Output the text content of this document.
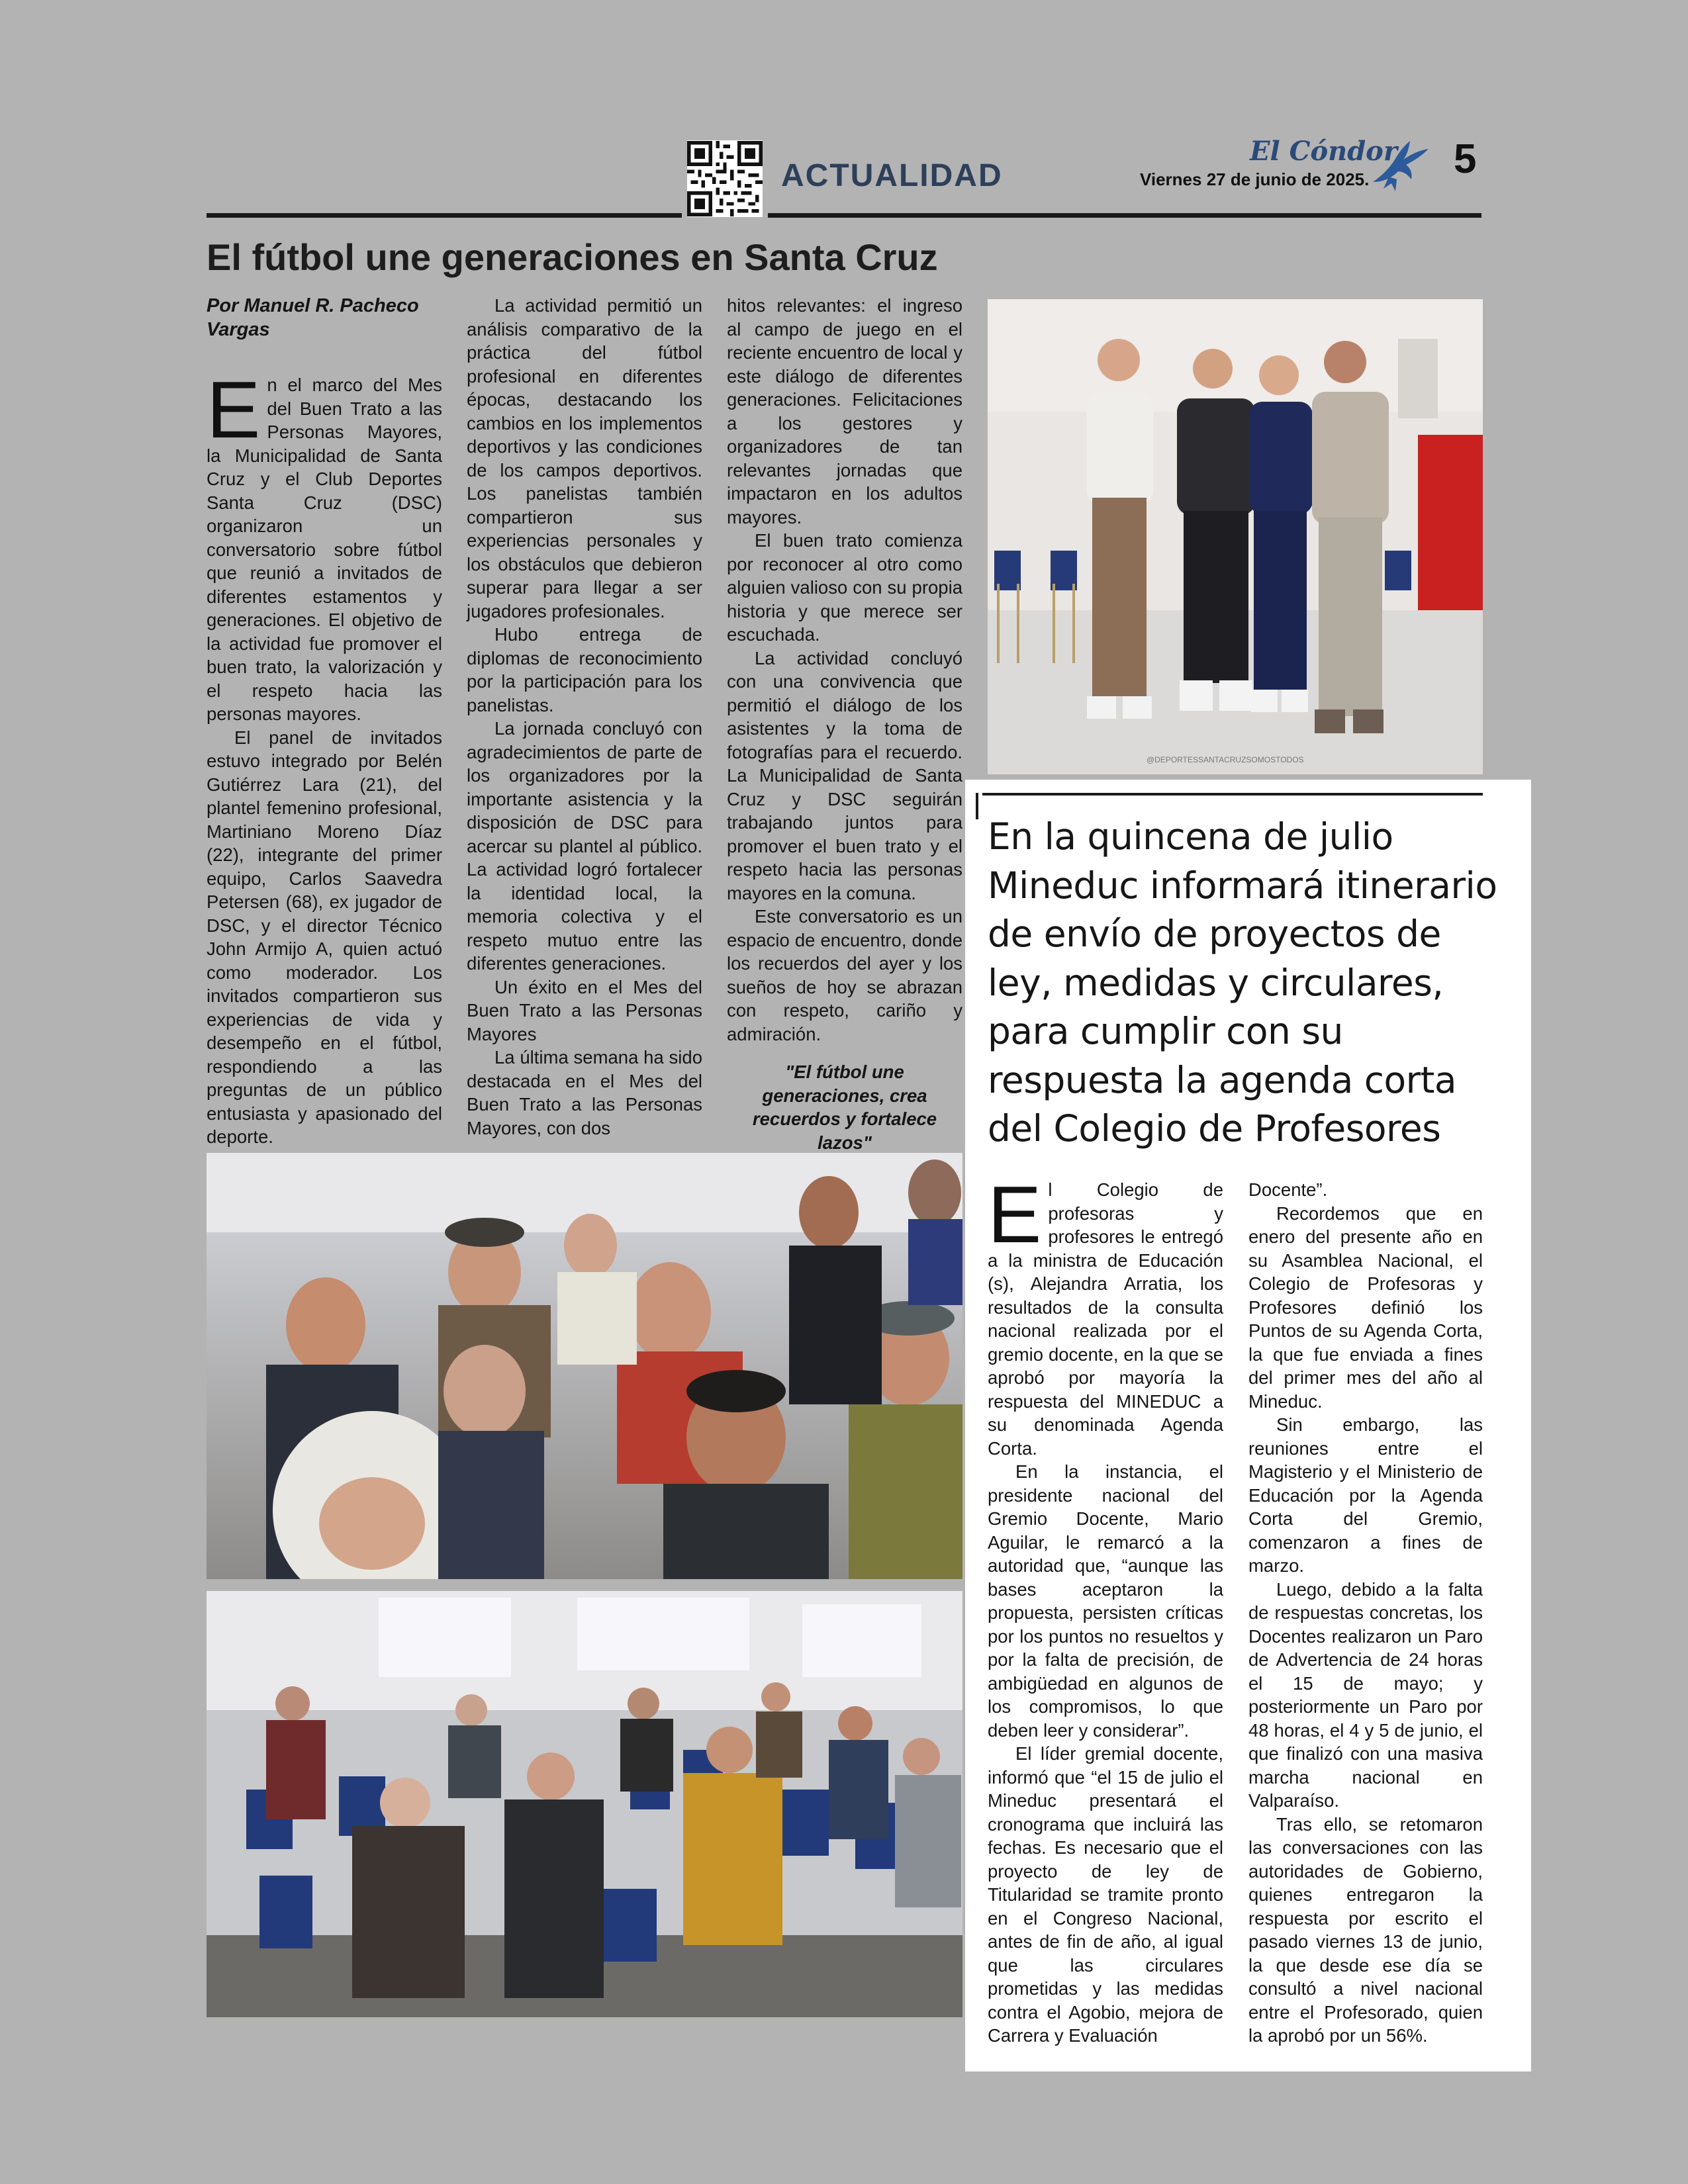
ACTUALIDAD
El Cóndor
Viernes 27 de junio de 2025. 5
El fútbol une generaciones en Santa Cruz

Por Manuel R. Pacheco Vargas

En el marco del Mes del Buen Trato a las Personas Mayores, la Municipalidad de Santa Cruz y el Club Deportes Santa Cruz (DSC) organizaron un conversatorio sobre fútbol que reunió a invitados de diferentes estamentos y generaciones. El objetivo de la actividad fue promover el buen trato, la valorización y el respeto hacia las personas mayores.

El panel de invitados estuvo integrado por Belén Gutiérrez Lara (21), del plantel femenino profesional, Martiniano Moreno Díaz (22), integrante del primer equipo, Carlos Saavedra Petersen (68), ex jugador de DSC, y el director Técnico John Armijo A, quien actuó como moderador. Los invitados compartieron sus experiencias de vida y desempeño en el fútbol, respondiendo a las preguntas de un público entusiasta y apasionado del deporte.

La actividad permitió un análisis comparativo de la práctica del fútbol profesional en diferentes épocas, destacando los cambios en los implementos deportivos y las condiciones de los campos deportivos. Los panelistas también compartieron sus experiencias personales y los obstáculos que debieron superar para llegar a ser jugadores profesionales.

Hubo entrega de diplomas de reconocimiento por la participación para los panelistas.

La jornada concluyó con agradecimientos de parte de los organizadores por la importante asistencia y la disposición de DSC para acercar su plantel al público. La actividad logró fortalecer la identidad local, la memoria colectiva y el respeto mutuo entre las diferentes generaciones.

Un éxito en el Mes del Buen Trato a las Personas Mayores

La última semana ha sido destacada en el Mes del Buen Trato a las Personas Mayores, con dos

hitos relevantes: el ingreso al campo de juego en el reciente encuentro de local y este diálogo de diferentes generaciones. Felicitaciones a los gestores y organizadores de tan relevantes jornadas que impactaron en los adultos mayores.

El buen trato comienza por reconocer al otro como alguien valioso con su propia historia y que merece ser escuchada.

La actividad concluyó con una convivencia que permitió el diálogo de los asistentes y la toma de fotografías para el recuerdo. La Municipalidad de Santa Cruz y DSC seguirán trabajando juntos para promover el buen trato y el respeto hacia las personas mayores en la comuna.

Este conversatorio es un espacio de encuentro, donde los recuerdos del ayer y los sueños de hoy se abrazan con respeto, cariño y admiración.

"El fútbol une generaciones, crea recuerdos y fortalece lazos"

@DEPORTESSANTACRUZSOMOSTODOS
En la quincena de julio Mineduc informará itinerario de envío de proyectos de ley, medidas y circulares, para cumplir con su respuesta la agenda corta del Colegio de Profesores

El Colegio de profesoras y profesores le entregó a la ministra de Educación (s), Alejandra Arratia, los resultados de la consulta nacional realizada por el gremio docente, en la que se aprobó por mayoría la respuesta del MINEDUC a su denominada Agenda Corta.

En la instancia, el presidente nacional del Gremio Docente, Mario Aguilar, le remarcó a la autoridad que, “aunque las bases aceptaron la propuesta, persisten críticas por los puntos no resueltos y por la falta de precisión, de ambigüedad en algunos de los compromisos, lo que deben leer y considerar”.

El líder gremial docente, informó que “el 15 de julio el Mineduc presentará el cronograma que incluirá las fechas. Es necesario que el proyecto de ley de Titularidad se tramite pronto en el Congreso Nacional, antes de fin de año, al igual que las circulares prometidas y las medidas contra el Agobio, mejora de Carrera y Evaluación

Docente”.

Recordemos que en enero del presente año en su Asamblea Nacional, el Colegio de Profesoras y Profesores definió los Puntos de su Agenda Corta, la que fue enviada a fines del primer mes del año al Mineduc.

Sin embargo, las reuniones entre el Magisterio y el Ministerio de Educación por la Agenda Corta del Gremio, comenzaron a fines de marzo.

Luego, debido a la falta de respuestas concretas, los Docentes realizaron un Paro de Advertencia de 24 horas el 15 de mayo; y posteriormente un Paro por 48 horas, el 4 y 5 de junio, el que finalizó con una masiva marcha nacional en Valparaíso.

Tras ello, se retomaron las conversaciones con las autoridades de Gobierno, quienes entregaron la respuesta por escrito el pasado viernes 13 de junio, la que desde ese día se consultó a nivel nacional entre el Profesorado, quien la aprobó por un 56%.
